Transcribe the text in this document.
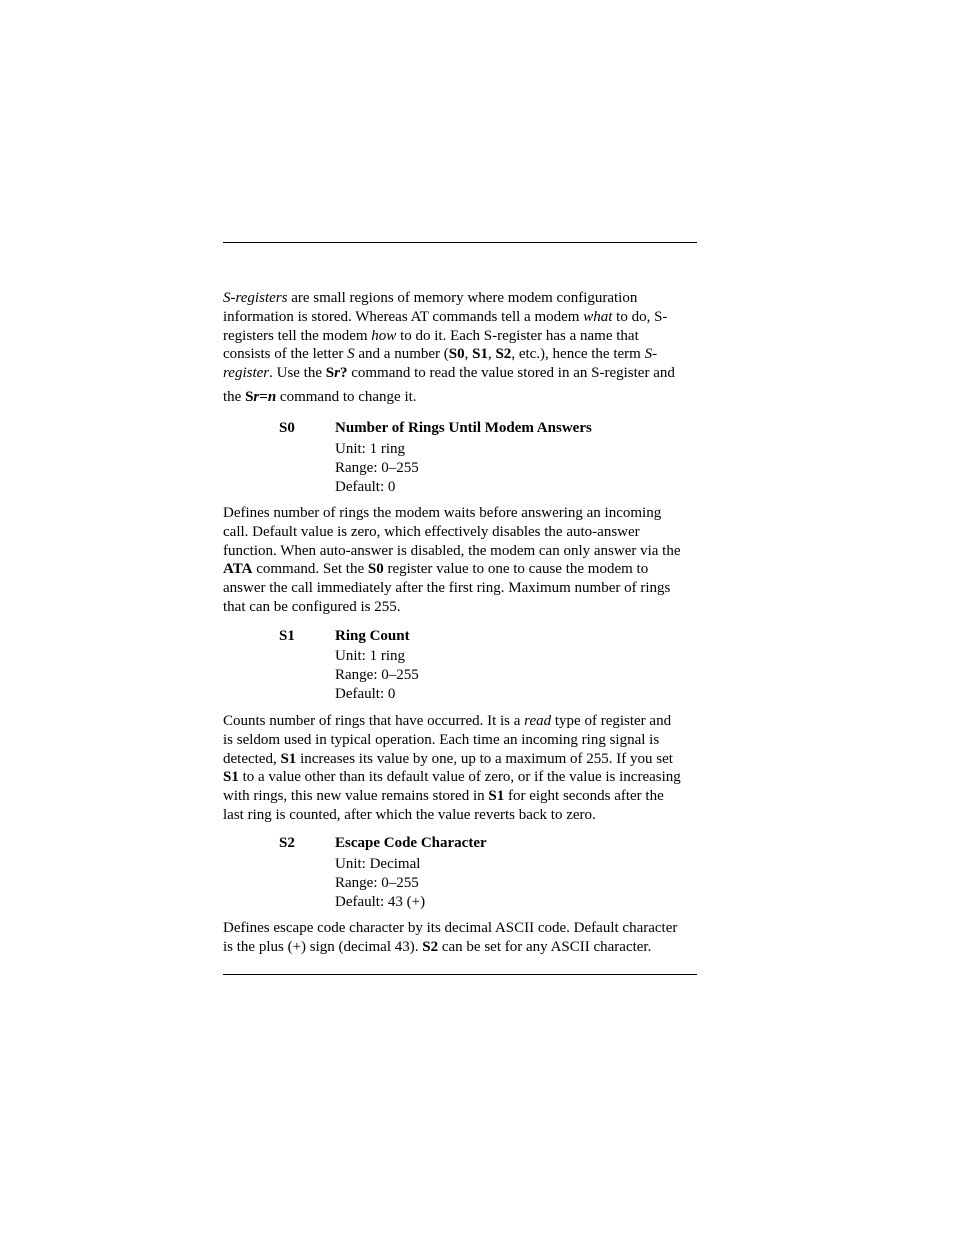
S-registers are small regions of memory where modem configuration
information is stored. Whereas AT commands tell a modem what to do, S-
registers tell the modem how to do it. Each S-register has a name that
consists of the letter S and a number (S0, S1, S2, etc.), hence the term S-
register. Use the Sr? command to read the value stored in an S-register and
the Sr=n command to change it.
S0	Number of Rings Until Modem Answers
Unit: 1 ring
Range: 0–255
Default: 0
Defines number of rings the modem waits before answering an incoming
call. Default value is zero, which effectively disables the auto-answer
function. When auto-answer is disabled, the modem can only answer via the
ATA command. Set the S0 register value to one to cause the modem to
answer the call immediately after the first ring. Maximum number of rings
that can be configured is 255.
S1	Ring Count
Unit: 1 ring
Range: 0–255
Default: 0
Counts number of rings that have occurred. It is a read type of register and
is seldom used in typical operation. Each time an incoming ring signal is
detected, S1 increases its value by one, up to a maximum of 255. If you set
S1 to a value other than its default value of zero, or if the value is increasing
with rings, this new value remains stored in S1 for eight seconds after the
last ring is counted, after which the value reverts back to zero.
S2	Escape Code Character
Unit: Decimal
Range: 0–255
Default: 43 (+)
Defines escape code character by its decimal ASCII code. Default character
is the plus (+) sign (decimal 43). S2 can be set for any ASCII character.
